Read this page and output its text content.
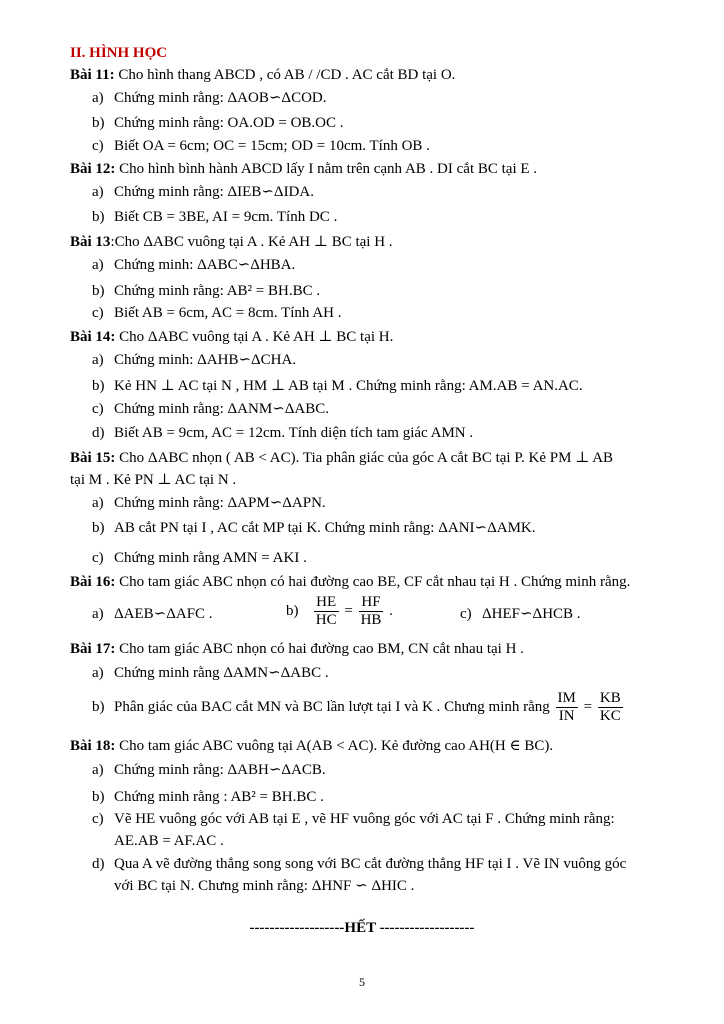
II. HÌNH HỌC
Bài 11: Cho hình thang ABCD , có AB / /CD . AC cắt BD tại O.
a) Chứng minh rằng: ΔAOB∽ΔCOD.
b) Chứng minh rằng: OA.OD = OB.OC .
c) Biết OA = 6cm; OC = 15cm; OD = 10cm. Tính OB .
Bài 12: Cho hình bình hành ABCD lấy I nằm trên cạnh AB . DI cắt BC tại E .
a) Chứng minh rằng: ΔIEB∽ΔIDA.
b) Biết CB = 3BE, AI = 9cm. Tính DC .
Bài 13:Cho ΔABC vuông tại A . Kẻ AH ⊥ BC tại H .
a) Chứng minh: ΔABC∽ΔHBA.
b) Chứng minh rằng: AB² = BH.BC .
c) Biết AB = 6cm, AC = 8cm. Tính AH .
Bài 14: Cho ΔABC vuông tại A . Kẻ AH ⊥ BC tại H.
a) Chứng minh: ΔAHB∽ΔCHA.
b) Kẻ HN ⊥ AC tại N , HM ⊥ AB tại M . Chứng minh rằng: AM.AB = AN.AC.
c) Chứng minh rằng: ΔANM∽ΔABC.
d) Biết AB = 9cm, AC = 12cm. Tính diện tích tam giác AMN .
Bài 15: Cho ΔABC nhọn ( AB < AC). Tia phân giác của góc A cắt BC tại P. Kẻ PM ⊥ AB
tại M . Kẻ PN ⊥ AC tại N .
a) Chứng minh rằng: ΔAPM∽ΔAPN.
b) AB cắt PN tại I , AC cắt MP tại K. Chứng minh rằng: ΔANI∽ΔAMK.
c) Chứng minh rằng AMN = AKI .
Bài 16: Cho tam giác ABC nhọn có hai đường cao BE, CF cắt nhau tại H . Chứng minh rằng.
a) ΔAEB∽ΔAFC .	$b) \frac{HE}{HC} = \frac{HF}{HB}$ .	c) ΔHEF∽ΔHCB .
Bài 17: Cho tam giác ABC nhọn có hai đường cao BM, CN cắt nhau tại H .
a) Chứng minh rằng ΔAMN∽ΔABC .
b) Phân giác của BAC cắt MN và BC lần lượt tại I và K . Chưng minh rằng $\frac{IM}{IN} = \frac{KB}{KC}$
Bài 18: Cho tam giác ABC vuông tại A(AB < AC). Kẻ đường cao AH(H ∈ BC).
a) Chứng minh rằng: ΔABH∽ΔACB.
b) Chứng minh rằng : AB² = BH.BC .
c) Vẽ HE vuông góc với AB tại E , vẽ HF vuông góc với AC tại F . Chứng minh rằng:
AE.AB = AF.AC .
d) Qua A vẽ đường thẳng song song với BC cắt đường thẳng HF tại I . Vẽ IN vuông góc
với BC tại N. Chưng minh rằng: ΔHNF ∽ ΔHIC .
-------------------HẾT -------------------
5
